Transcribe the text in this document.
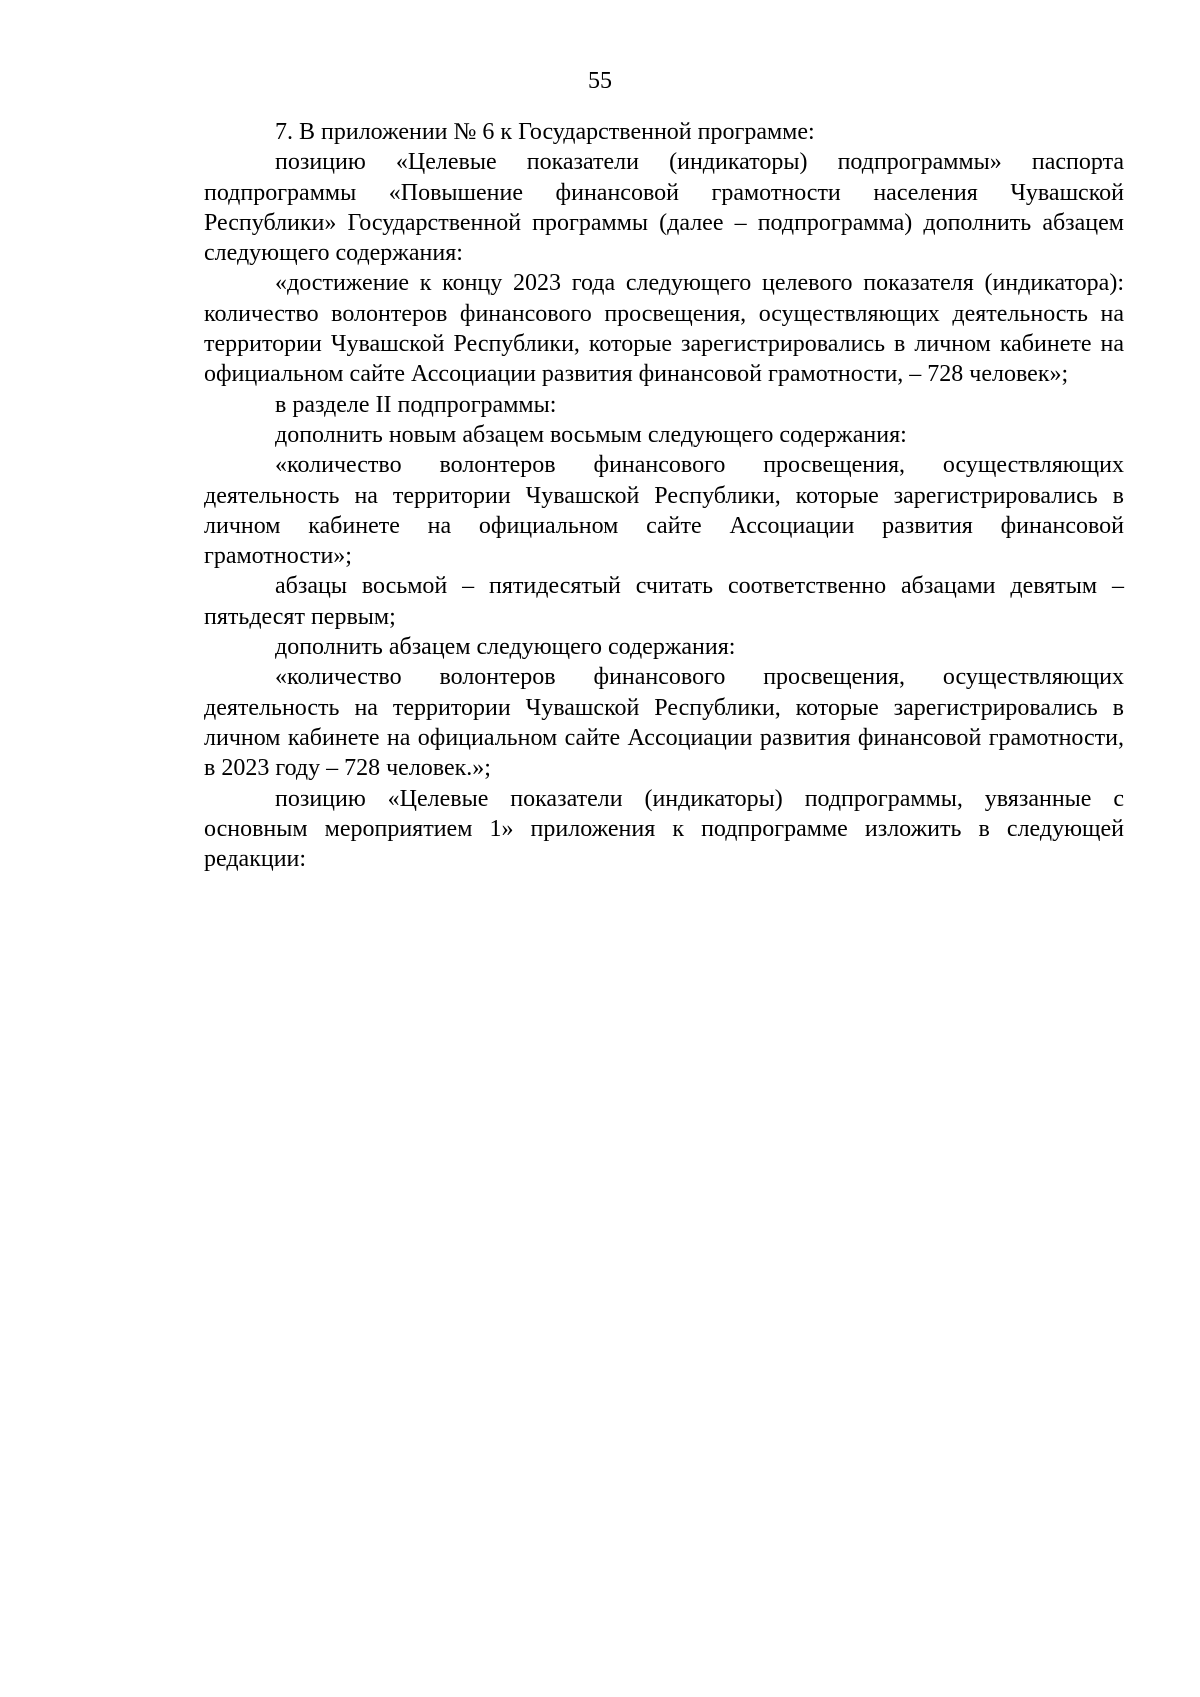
55

7. В приложении № 6 к Государственной программе:

позицию «Целевые показатели (индикаторы) подпрограммы» паспорта подпрограммы «Повышение финансовой грамотности населения Чувашской Республики» Государственной программы (далее – подпрограмма) дополнить абзацем следующего содержания:

«достижение к концу 2023 года следующего целевого показателя (индикатора): количество волонтеров финансового просвещения, осуществляющих деятельность на территории Чувашской Республики, которые зарегистрировались в личном кабинете на официальном сайте Ассоциации развития финансовой грамотности, – 728 человек»;

в разделе II подпрограммы:

дополнить новым абзацем восьмым следующего содержания:

«количество волонтеров финансового просвещения, осуществляющих деятельность на территории Чувашской Республики, которые зарегистрировались в личном кабинете на официальном сайте Ассоциации развития финансовой грамотности»;

абзацы восьмой – пятидесятый считать соответственно абзацами девятым – пятьдесят первым;

дополнить абзацем следующего содержания:

«количество волонтеров финансового просвещения, осуществляющих деятельность на территории Чувашской Республики, которые зарегистрировались в личном кабинете на официальном сайте Ассоциации развития финансовой грамотности, в 2023 году – 728 человек.»;

позицию «Целевые показатели (индикаторы) подпрограммы, увязанные с основным мероприятием 1» приложения к подпрограмме изложить в следующей редакции:
